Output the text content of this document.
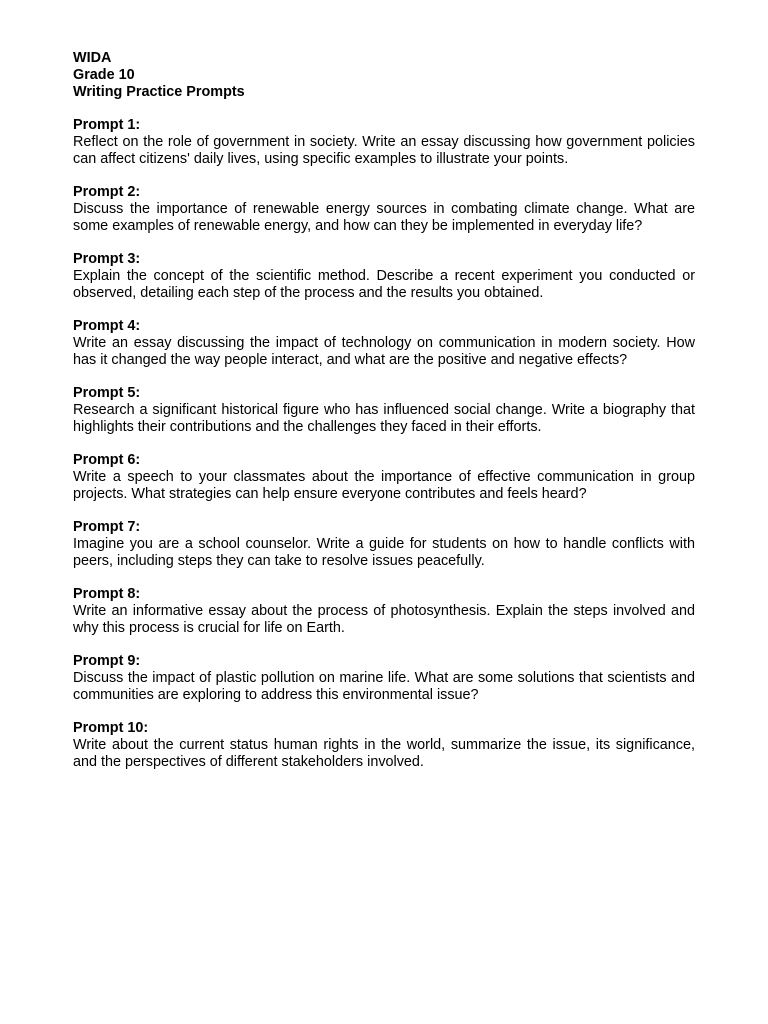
WIDA

Grade 10

Writing Practice Prompts

Prompt 1:

Reflect on the role of government in society. Write an essay discussing how government policies can affect citizens' daily lives, using specific examples to illustrate your points.

Prompt 2:

Discuss the importance of renewable energy sources in combating climate change. What are some examples of renewable energy, and how can they be implemented in everyday life?

Prompt 3:

Explain the concept of the scientific method. Describe a recent experiment you conducted or observed, detailing each step of the process and the results you obtained.

Prompt 4:

Write an essay discussing the impact of technology on communication in modern society. How has it changed the way people interact, and what are the positive and negative effects?

Prompt 5:

Research a significant historical figure who has influenced social change. Write a biography that highlights their contributions and the challenges they faced in their efforts.

Prompt 6:

Write a speech to your classmates about the importance of effective communication in group projects. What strategies can help ensure everyone contributes and feels heard?

Prompt 7:

Imagine you are a school counselor. Write a guide for students on how to handle conflicts with peers, including steps they can take to resolve issues peacefully.

Prompt 8:

Write an informative essay about the process of photosynthesis. Explain the steps involved and why this process is crucial for life on Earth.

Prompt 9:

Discuss the impact of plastic pollution on marine life. What are some solutions that scientists and communities are exploring to address this environmental issue?

Prompt 10:

Write about the current status human rights in the world, summarize the issue, its significance, and the perspectives of different stakeholders involved.
